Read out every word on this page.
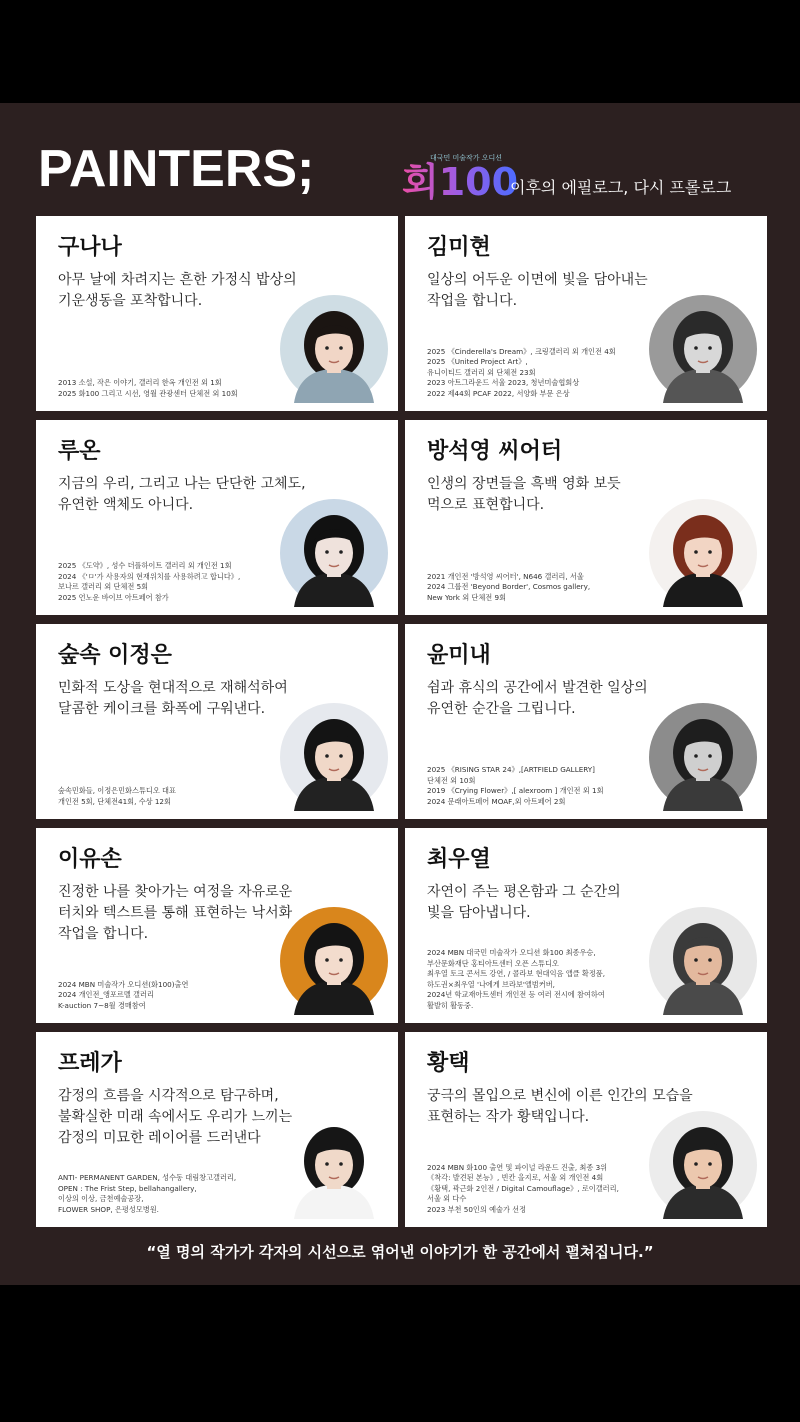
PAINTERS; 회100
대국민 미술작가 오디션
이후의 에필로그, 다시 프롤로그
구나나
아무 날에 차려지는 흔한 가정식 밥상의
기운생동을 포착합니다.
2013 소설, 작은 이야기, 갤러리 한옥 개인전 외 1회
2025 화100 그리고 시선, 영월 관광센터 단체전 외 10회
김미현
일상의 어두운 이면에 빛을 담아내는
작업을 합니다.
2025 《Cinderella's Dream》, 크링갤러리 외 개인전 4회
2025 《United Project Art》,
유니이티드 갤러리 외 단체전 23회
2023 아트그라운드 서울 2023, 청년미술협회상
2022 제44회 PCAF 2022, 서양화 부문 은상
루온
지금의 우리, 그리고 나는 단단한 고체도,
유연한 액체도 아니다.
2025 《도약》, 성수 더플하이트 갤러리 외 개인전 1회
2024 《'ㅁ'가 사용자의 현재위치를 사용하려고 합니다》,
보나르 갤러리 외 단체전 5회
2025 언노운 바이브 아트페어 참가
방석영 씨어터
인생의 장면들을 흑백 영화 보듯
먹으로 표현합니다.
2021 개인전 '방석영 씨어터', N646 갤러리, 서울
2024 그룹전 'Beyond Border', Cosmos gallery,
New York 외 단체전 9회
숲속 이정은
민화적 도상을 현대적으로 재해석하여
달콤한 케이크를 화폭에 구워낸다.
숲속민화들, 이정은민화스튜디오 대표
개인전 5회, 단체전41회, 수상 12회
윤미내
쉼과 휴식의 공간에서 발견한 일상의
유연한 순간을 그립니다.
2025 《RISING STAR 24》,[ARTFIELD GALLERY]
단체전 외 10회
2019 《Crying Flower》,[ alexroom ] 개인전 외 1회
2024 문래아트페어 MOAF,외 아트페어 2회
이유손
진정한 나를 찾아가는 여정을 자유로운
터치와 텍스트를 통해 표현하는 낙서화
작업을 합니다.
2024 MBN 미술작가 오디션(화100)출연
2024 개인전_앵포르멜 갤러리
K-auction 7~8월 경매참여
최우열
자연이 주는 평온함과 그 순간의
빛을 담아냅니다.
2024 MBN 대국민 미술작가 오디션 화100 최종우승,
부산문화재단 홍티아트센터 오픈 스튜디오
최우열 토크 콘서트 강연, / 콜라보 현대익음 앱클 확정품,
하도권×최우열 '나에게 브라보'앨범커버,
2024년 학교재아트센터 개인전 등 여러 전시에 참여하여
활발히 활동중.
프레가
감정의 흐름을 시각적으로 탐구하며,
불확실한 미래 속에서도 우리가 느끼는
감정의 미묘한 레이어를 드러낸다
ANTI- PERMANENT GARDEN, 성수동 대림창고갤러리,
OPEN : The Frist Step, bellahangallery,
이상의 이상, 금천예술공장,
FLOWER SHOP, 은평성모병원.
황택
궁극의 몰입으로 변신에 이른 인간의 모습을
표현하는 작가 황택입니다.
2024 MBN 화100 출연 및 파이널 라운드 진출, 최종 3위
《착각: 발견된 본능》, 빈칸 을지로, 서울 외 개인전 4회
《황택, 곽근화 2인전 / Digital Camouflage》, 로이갤러리,
서울 외 다수
2023 부천 50인의 예술가 선정
“열 명의 작가가 각자의 시선으로 엮어낸 이야기가 한 공간에서 펼쳐집니다.”
